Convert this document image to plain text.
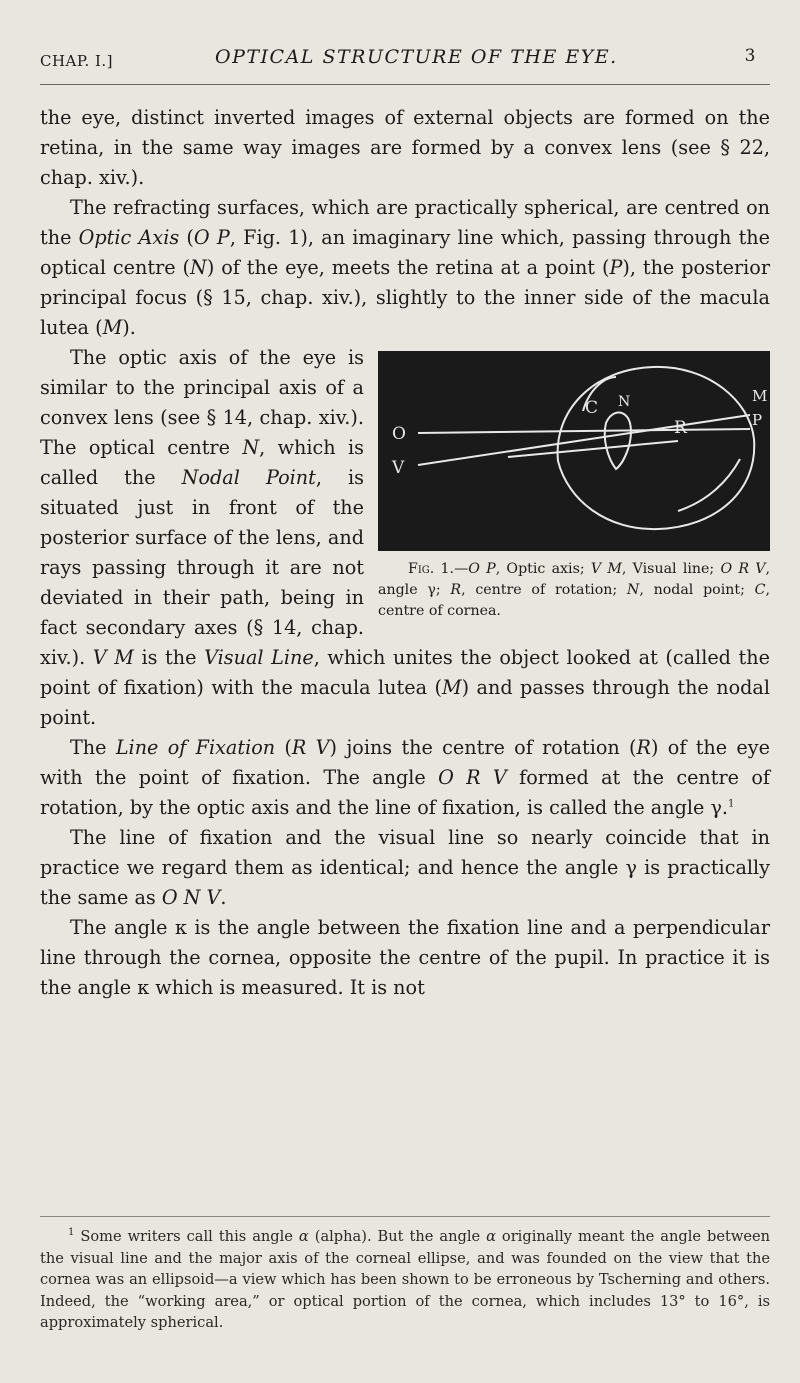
CHAP. I.]	OPTICAL STRUCTURE OF THE EYE.	3

the eye, distinct inverted images of external objects are formed on the retina, in the same way images are formed by a convex lens (see § 22, chap. xiv.).

The refracting surfaces, which are practically spherical, are centred on the Optic Axis (O P, Fig. 1), an imaginary line which, passing through the optical centre (N) of the eye, meets the retina at a point (P), the posterior principal focus (§ 15, chap. xiv.), slightly to the inner side of the macula lutea (M).

O
V
C N
R
M
P
Fig. 1.—O P, Optic axis; V M, Visual line; O R V, angle γ; R, centre of rotation; N, nodal point; C, centre of cornea.

The optic axis of the eye is similar to the principal axis of a convex lens (see § 14, chap. xiv.). The optical centre N, which is called the Nodal Point, is situated just in front of the posterior surface of the lens, and rays passing through it are not deviated in their path, being in fact secondary axes (§ 14, chap. xiv.). V M is the Visual Line, which unites the object looked at (called the point of fixation) with the macula lutea (M) and passes through the nodal point.

The Line of Fixation (R V) joins the centre of rotation (R) of the eye with the point of fixation. The angle O R V formed at the centre of rotation, by the optic axis and the line of fixation, is called the angle γ.$^1$

The line of fixation and the visual line so nearly coincide that in practice we regard them as identical; and hence the angle γ is practically the same as O N V.

The angle κ is the angle between the fixation line and a perpendicular line through the cornea, opposite the centre of the pupil. In practice it is the angle κ which is measured. It is not

$^1$ Some writers call this angle α (alpha). But the angle α originally meant the angle between the visual line and the major axis of the corneal ellipse, and was founded on the view that the cornea was an ellipsoid—a view which has been shown to be erroneous by Tscherning and others. Indeed, the “working area,” or optical portion of the cornea, which includes 13° to 16°, is approximately spherical.
